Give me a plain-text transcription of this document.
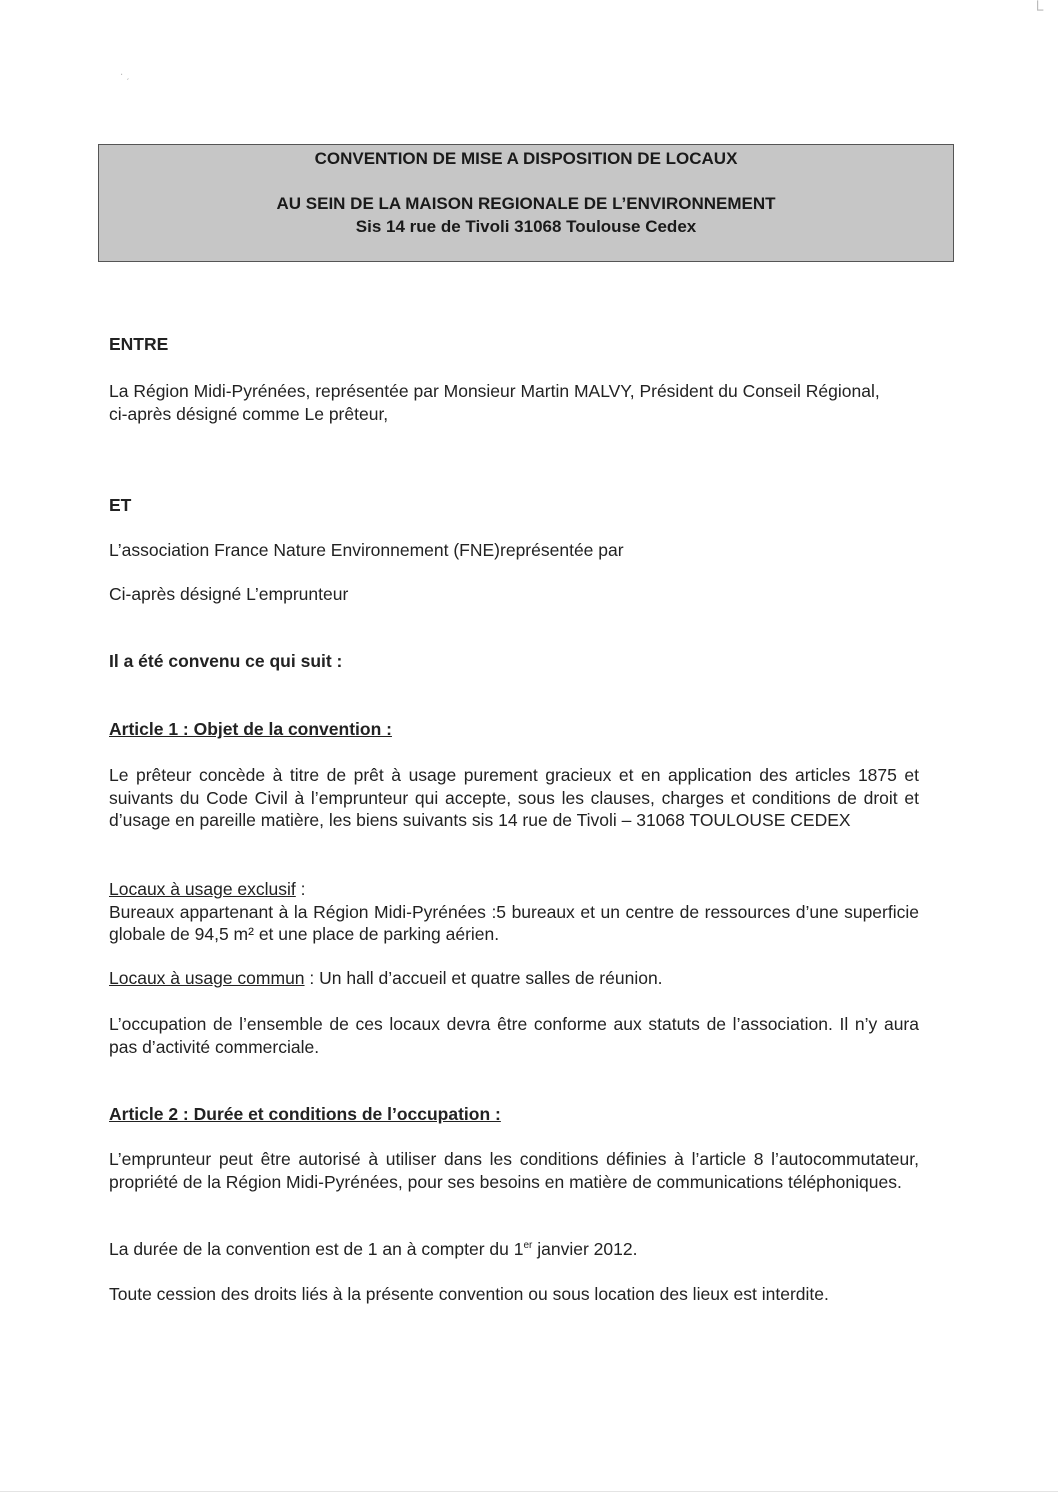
‧ ˏ
└
CONVENTION DE MISE A DISPOSITION DE LOCAUX
AU SEIN DE LA MAISON REGIONALE DE L’ENVIRONNEMENT
Sis 14 rue de Tivoli 31068 Toulouse Cedex

ENTRE

La Région Midi-Pyrénées, représentée par Monsieur Martin MALVY, Président du Conseil Régional,
ci-après désigné comme Le prêteur,

ET

L’association France Nature Environnement (FNE)représentée par

Ci-après désigné L’emprunteur

Il a été convenu ce qui suit :

Article 1 : Objet de la convention :

Le prêteur concède à titre de prêt à usage purement gracieux et en application des articles 1875 et suivants du Code Civil à l’emprunteur qui accepte, sous les clauses, charges et conditions de droit et d’usage en pareille matière, les biens suivants sis 14 rue de Tivoli – 31068 TOULOUSE CEDEX

Locaux à usage exclusif :
Bureaux appartenant à la Région Midi-Pyrénées :5 bureaux et un centre de ressources d’une superficie globale de 94,5 m² et une place de parking aérien.
Locaux à usage commun : Un hall d’accueil et quatre salles de réunion.

L’occupation de l’ensemble de ces locaux devra être conforme aux statuts de l’association. Il n’y aura pas d’activité commerciale.

Article 2 : Durée et conditions de l’occupation :

L’emprunteur peut être autorisé à utiliser dans les conditions définies à l’article 8 l’autocommutateur, propriété de la Région Midi-Pyrénées, pour ses besoins en matière de communications téléphoniques.

La durée de la convention est de 1 an à compter du 1er janvier 2012.

Toute cession des droits liés à la présente convention ou sous location des lieux est interdite.
